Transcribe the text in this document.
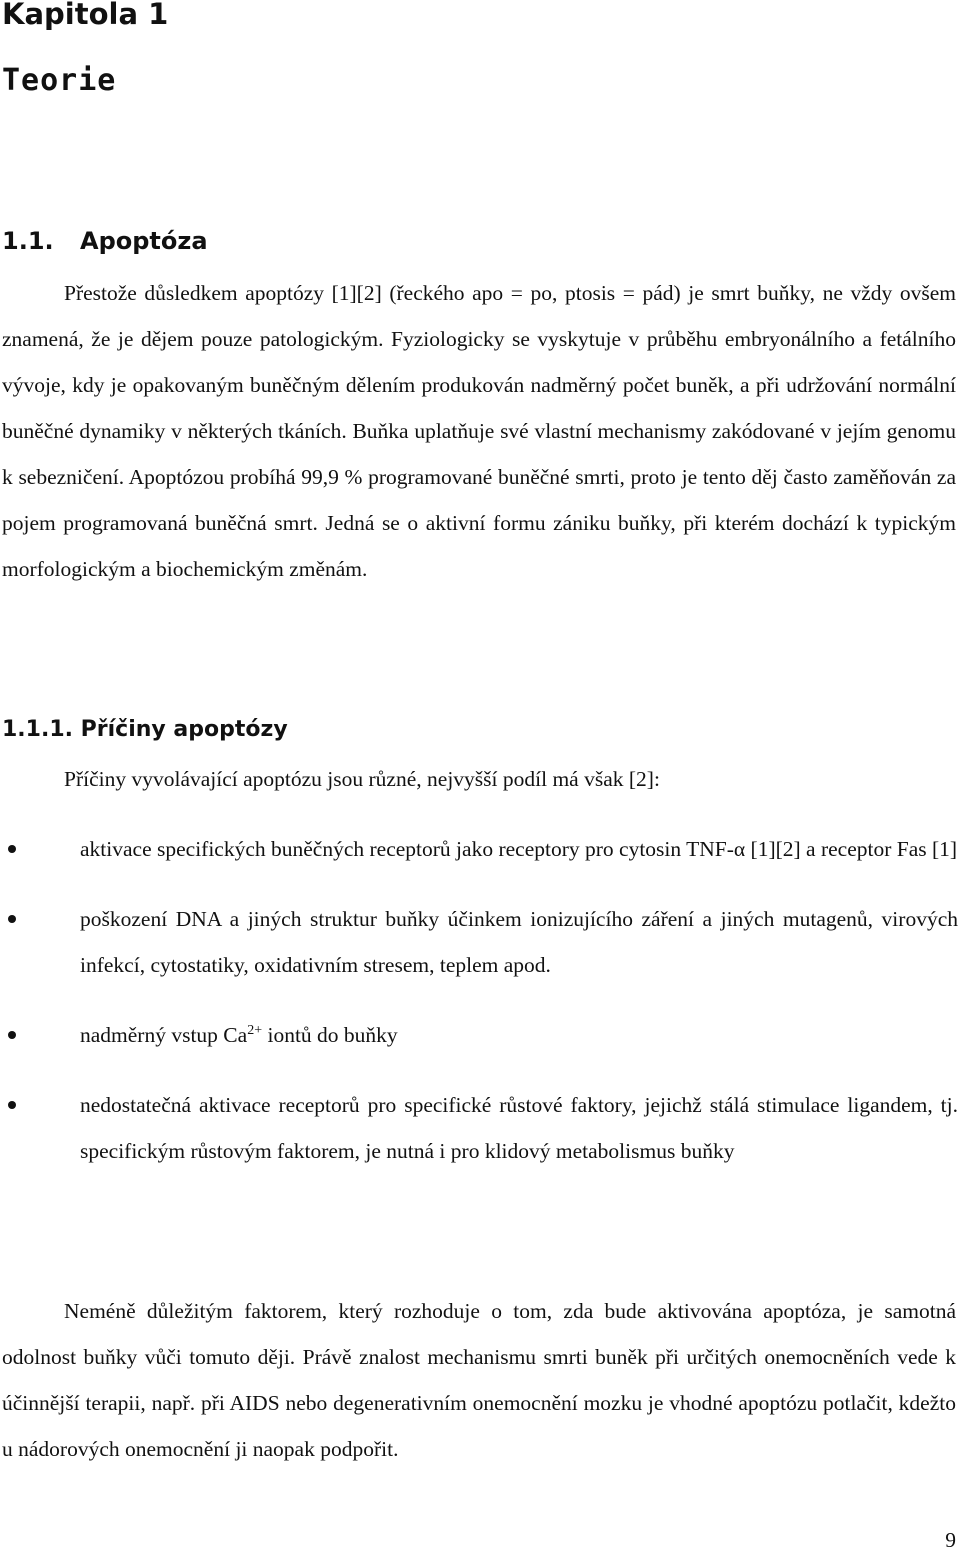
Kapitola 1
Teorie
1.1. Apoptóza

Přestože důsledkem apoptózy [1][2] (řeckého apo = po, ptosis = pád) je smrt buňky, ne vždy ovšem znamená, že je dějem pouze patologickým. Fyziologicky se vyskytuje v průběhu embryonálního a fetálního vývoje, kdy je opakovaným buněčným dělením produkován nadměrný počet buněk, a při udržování normální buněčné dynamiky v některých tkáních. Buňka uplatňuje své vlastní mechanismy zakódované v jejím genomu k sebezničení. Apoptózou probíhá 99,9 % programované buněčné smrti, proto je tento děj často zaměňován za pojem programovaná buněčná smrt. Jedná se o aktivní formu zániku buňky, při kterém dochází k typickým morfologickým a biochemickým změnám.

1.1.1. Příčiny apoptózy

Příčiny vyvolávající apoptózu jsou různé, nejvyšší podíl má však [2]:

aktivace specifických buněčných receptorů jako receptory pro cytosin TNF-α [1][2] a receptor Fas [1]
poškození DNA a jiných struktur buňky účinkem ionizujícího záření a jiných mutagenů, virových infekcí, cytostatiky, oxidativním stresem, teplem apod.
nadměrný vstup $Ca^{2+}$ iontů do buňky
nedostatečná aktivace receptorů pro specifické růstové faktory, jejichž stálá stimulace ligandem, tj. specifickým růstovým faktorem, je nutná i pro klidový metabolismus buňky

Neméně důležitým faktorem, který rozhoduje o tom, zda bude aktivována apoptóza, je samotná odolnost buňky vůči tomuto ději. Právě znalost mechanismu smrti buněk při určitých onemocněních vede k účinnější terapii, např. při AIDS nebo degenerativním onemocnění mozku je vhodné apoptózu potlačit, kdežto u nádorových onemocnění ji naopak podpořit.

9
